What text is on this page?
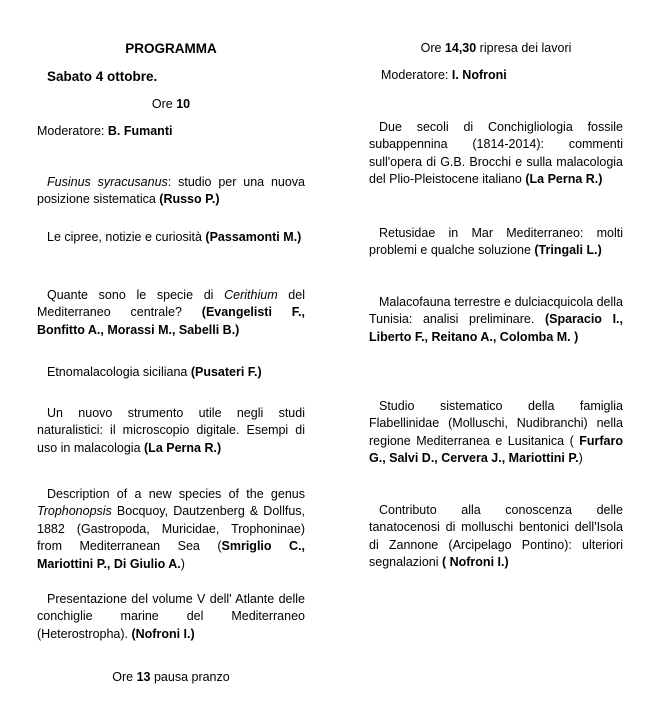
PROGRAMMA

Sabato 4 ottobre.

Ore 10

Moderatore: B. Fumanti

Fusinus syracusanus: studio per una nuova posizione sistematica (Russo P.)

Le cipree, notizie e curiosità (Passamonti M.)

Quante sono le specie di Cerithium del Mediterraneo centrale? (Evangelisti F., Bonfitto A., Morassi M., Sabelli B.)

Etnomalacologia siciliana (Pusateri F.)

Un nuovo strumento utile negli studi naturalistici: il microscopio digitale. Esempi di uso in malacologia (La Perna R.)

Description of a new species of the genus Trophonopsis Bocquoy, Dautzenberg & Dollfus, 1882 (Gastropoda, Muricidae, Trophoninae) from Mediterranean Sea (Smriglio C., Mariottini P., Di Giulio A.)

Presentazione del volume V dell' Atlante delle conchiglie marine del Mediterraneo (Heterostropha). (Nofroni I.)

Ore 13 pausa pranzo

Ore 14,30 ripresa dei lavori

Moderatore: I. Nofroni

Due secoli di Conchigliologia fossile subappennina (1814-2014): commenti sull'opera di G.B. Brocchi e sulla malacologia del Plio-Pleistocene italiano (La Perna R.)

Retusidae in Mar Mediterraneo: molti problemi e qualche soluzione (Tringali L.)

Malacofauna terrestre e dulciacquicola della Tunisia: analisi preliminare. (Sparacio I., Liberto F., Reitano A., Colomba M. )

Studio sistematico della famiglia Flabellinidae (Molluschi, Nudibranchi) nella regione Mediterranea e Lusitanica ( Furfaro G., Salvi D., Cervera J., Mariottini P.)

Contributo alla conoscenza delle tanatocenosi di molluschi bentonici dell'Isola di Zannone (Arcipelago Pontino): ulteriori segnalazioni ( Nofroni I.)
